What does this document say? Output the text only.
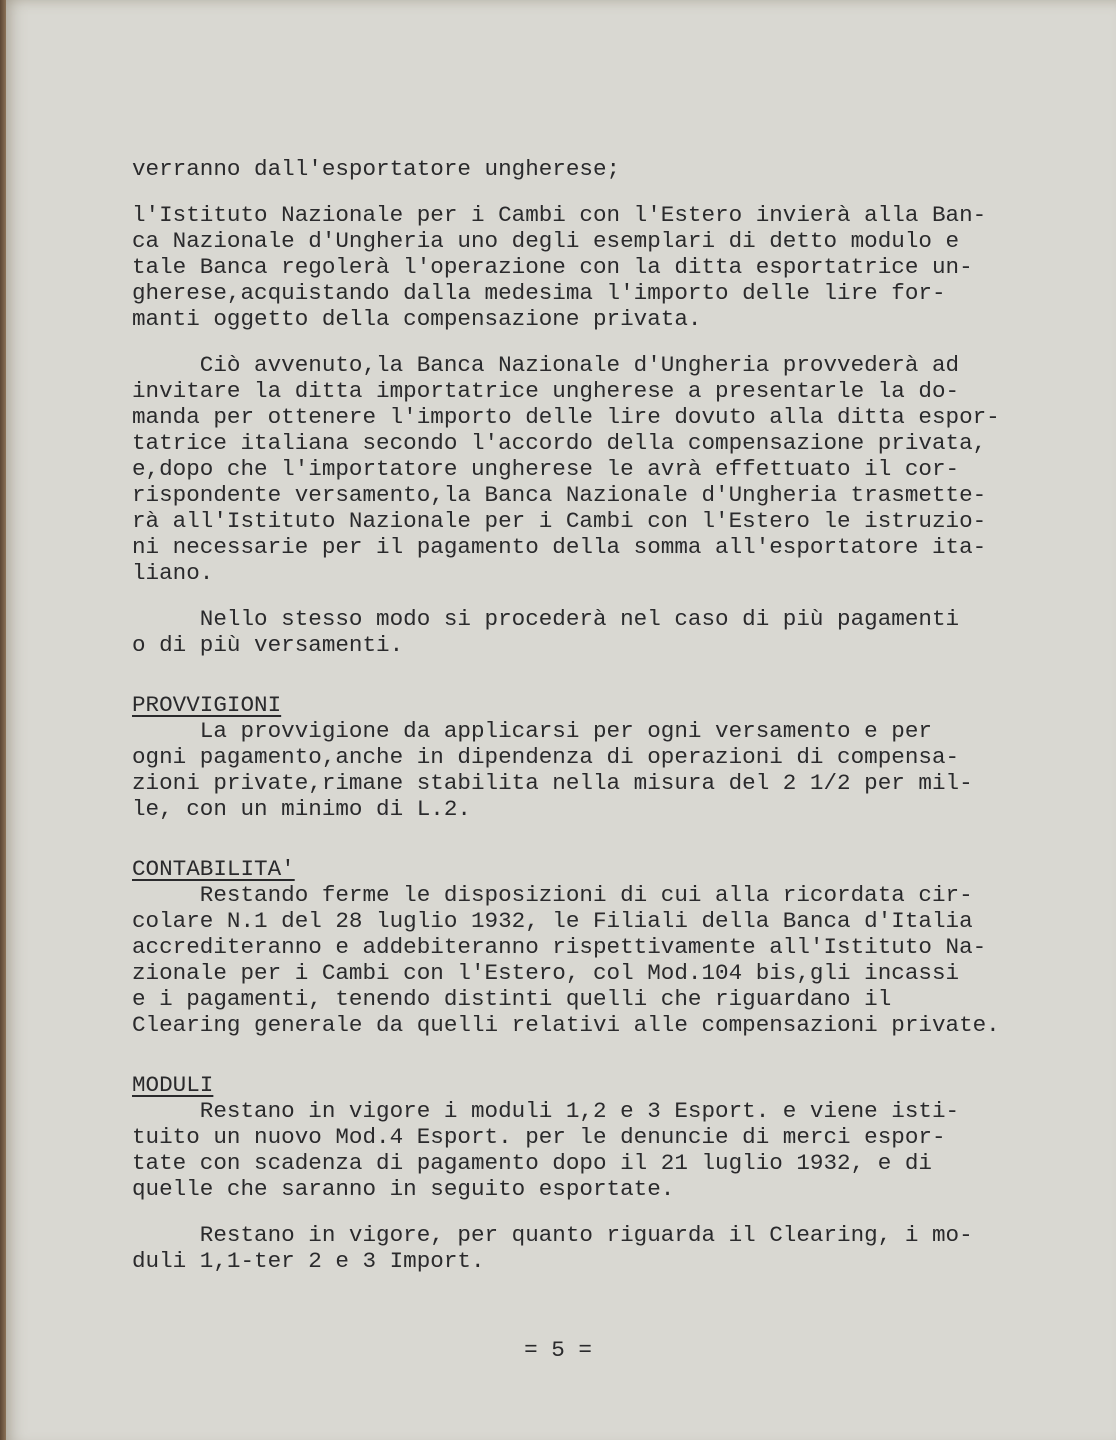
verranno dall'esportatore ungherese;
l'Istituto Nazionale per i Cambi con l'Estero invierà alla Ban-
ca Nazionale d'Ungheria uno degli esemplari di detto modulo e
tale Banca regolerà l'operazione con la ditta esportatrice un-
gherese,acquistando dalla medesima l'importo delle lire for-
manti oggetto della compensazione privata.
Ciò avvenuto,la Banca Nazionale d'Ungheria provvederà ad
invitare la ditta importatrice ungherese a presentarle la do-
manda per ottenere l'importo delle lire dovuto alla ditta espor-
tatrice italiana secondo l'accordo della compensazione privata,
e,dopo che l'importatore ungherese le avrà effettuato il cor-
rispondente versamento,la Banca Nazionale d'Ungheria trasmette-
rà all'Istituto Nazionale per i Cambi con l'Estero le istruzio-
ni necessarie per il pagamento della somma all'esportatore ita-
liano.
Nello stesso modo si procederà nel caso di più pagamenti
o di più versamenti.
PROVVIGIONI
La provvigione da applicarsi per ogni versamento e per
ogni pagamento,anche in dipendenza di operazioni di compensa-
zioni private,rimane stabilita nella misura del 2 1/2 per mil-
le, con un minimo di L.2.
CONTABILITA'
Restando ferme le disposizioni di cui alla ricordata cir-
colare N.1 del 28 luglio 1932, le Filiali della Banca d'Italia
accrediteranno e addebiteranno rispettivamente all'Istituto Na-
zionale per i Cambi con l'Estero, col Mod.104 bis,gli incassi
e i pagamenti, tenendo distinti quelli che riguardano il
Clearing generale da quelli relativi alle compensazioni private.
MODULI
Restano in vigore i moduli 1,2 e 3 Esport. e viene isti-
tuito un nuovo Mod.4 Esport. per le denuncie di merci espor-
tate con scadenza di pagamento dopo il 21 luglio 1932, e di
quelle che saranno in seguito esportate.
Restano in vigore, per quanto riguarda il Clearing, i mo-
duli 1,1-ter 2 e 3 Import.
= 5 =
